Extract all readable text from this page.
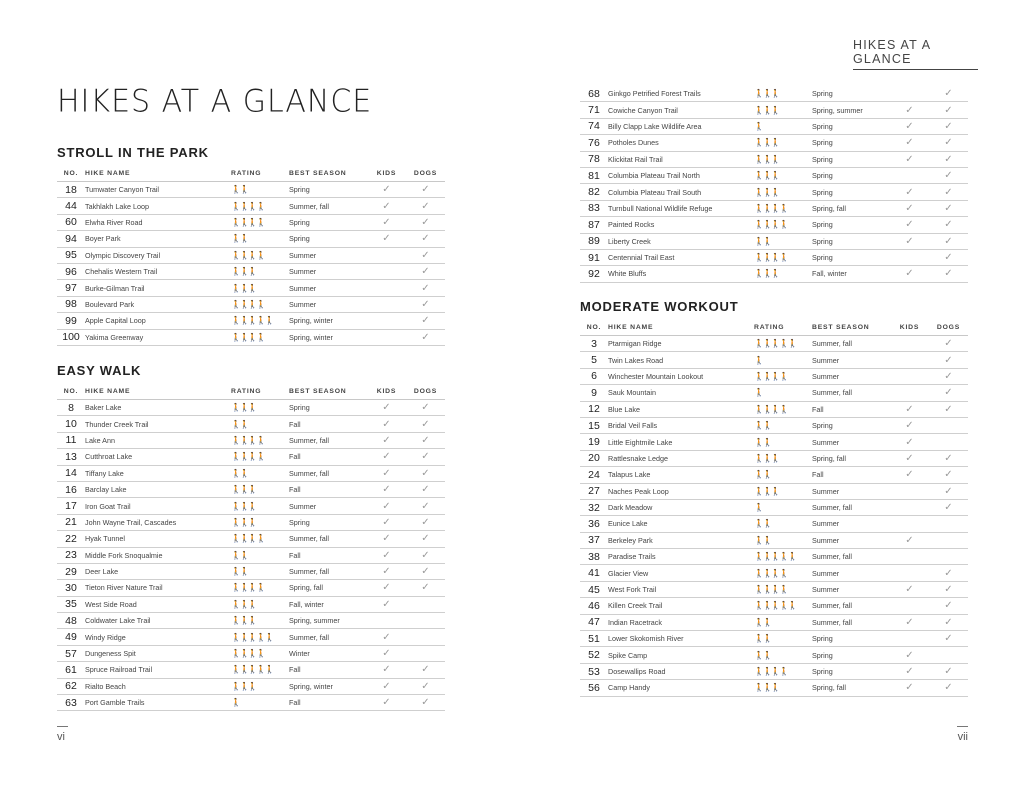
HIKES AT A GLANCE
STROLL IN THE PARK
NO.	HIKE NAME	RATING	BEST SEASON	KIDS	DOGS
18	Tumwater Canyon Trail	🚶🚶	Spring	✓	✓
44	Takhlakh Lake Loop	🚶🚶🚶🚶	Summer, fall	✓	✓
60	Elwha River Road	🚶🚶🚶🚶	Spring	✓	✓
94	Boyer Park	🚶🚶	Spring	✓	✓
95	Olympic Discovery Trail	🚶🚶🚶🚶	Summer		✓
96	Chehalis Western Trail	🚶🚶🚶	Summer		✓
97	Burke-Gilman Trail	🚶🚶🚶	Summer		✓
98	Boulevard Park	🚶🚶🚶🚶	Summer		✓
99	Apple Capital Loop	🚶🚶🚶🚶🚶	Spring, winter		✓
100	Yakima Greenway	🚶🚶🚶🚶	Spring, winter		✓
EASY WALK
NO.	HIKE NAME	RATING	BEST SEASON	KIDS	DOGS
8	Baker Lake	🚶🚶🚶	Spring	✓	✓
10	Thunder Creek Trail	🚶🚶	Fall	✓	✓
11	Lake Ann	🚶🚶🚶🚶	Summer, fall	✓	✓
13	Cutthroat Lake	🚶🚶🚶🚶	Fall	✓	✓
14	Tiffany Lake	🚶🚶	Summer, fall	✓	✓
16	Barclay Lake	🚶🚶🚶	Fall	✓	✓
17	Iron Goat Trail	🚶🚶🚶	Summer	✓	✓
21	John Wayne Trail, Cascades	🚶🚶🚶	Spring	✓	✓
22	Hyak Tunnel	🚶🚶🚶🚶	Summer, fall	✓	✓
23	Middle Fork Snoqualmie	🚶🚶	Fall	✓	✓
29	Deer Lake	🚶🚶	Summer, fall	✓	✓
30	Tieton River Nature Trail	🚶🚶🚶🚶	Spring, fall	✓	✓
35	West Side Road	🚶🚶🚶	Fall, winter	✓	
48	Coldwater Lake Trail	🚶🚶🚶	Spring, summer		
49	Windy Ridge	🚶🚶🚶🚶🚶	Summer, fall	✓	
57	Dungeness Spit	🚶🚶🚶🚶	Winter	✓	
61	Spruce Railroad Trail	🚶🚶🚶🚶🚶	Fall	✓	✓
62	Rialto Beach	🚶🚶🚶	Spring, winter	✓	✓
63	Port Gamble Trails	🚶	Fall	✓	✓
vi
HIKES AT A GLANCE
68	Ginkgo Petrified Forest Trails	🚶🚶🚶	Spring		✓
71	Cowiche Canyon Trail	🚶🚶🚶	Spring, summer	✓	✓
74	Billy Clapp Lake Wildlife Area	🚶	Spring	✓	✓
76	Potholes Dunes	🚶🚶🚶	Spring	✓	✓
78	Klickitat Rail Trail	🚶🚶🚶	Spring	✓	✓
81	Columbia Plateau Trail North	🚶🚶🚶	Spring		✓
82	Columbia Plateau Trail South	🚶🚶🚶	Spring	✓	✓
83	Turnbull National Wildlife Refuge	🚶🚶🚶🚶	Spring, fall	✓	✓
87	Painted Rocks	🚶🚶🚶🚶	Spring	✓	✓
89	Liberty Creek	🚶🚶	Spring	✓	✓
91	Centennial Trail East	🚶🚶🚶🚶	Spring		✓
92	White Bluffs	🚶🚶🚶	Fall, winter	✓	✓
MODERATE WORKOUT
NO.	HIKE NAME	RATING	BEST SEASON	KIDS	DOGS
3	Ptarmigan Ridge	🚶🚶🚶🚶🚶	Summer, fall		✓
5	Twin Lakes Road	🚶	Summer		✓
6	Winchester Mountain Lookout	🚶🚶🚶🚶	Summer		✓
9	Sauk Mountain	🚶	Summer, fall		✓
12	Blue Lake	🚶🚶🚶🚶	Fall	✓	✓
15	Bridal Veil Falls	🚶🚶	Spring	✓	
19	Little Eightmile Lake	🚶🚶	Summer	✓	
20	Rattlesnake Ledge	🚶🚶🚶	Spring, fall	✓	✓
24	Talapus Lake	🚶🚶	Fall	✓	✓
27	Naches Peak Loop	🚶🚶🚶	Summer		✓
32	Dark Meadow	🚶	Summer, fall		✓
36	Eunice Lake	🚶🚶	Summer		
37	Berkeley Park	🚶🚶	Summer	✓	
38	Paradise Trails	🚶🚶🚶🚶🚶	Summer, fall		
41	Glacier View	🚶🚶🚶🚶	Summer		✓
45	West Fork Trail	🚶🚶🚶🚶	Summer	✓	✓
46	Killen Creek Trail	🚶🚶🚶🚶🚶	Summer, fall		✓
47	Indian Racetrack	🚶🚶	Summer, fall	✓	✓
51	Lower Skokomish River	🚶🚶	Spring		✓
52	Spike Camp	🚶🚶	Spring	✓	
53	Dosewallips Road	🚶🚶🚶🚶	Spring	✓	✓
56	Camp Handy	🚶🚶🚶	Spring, fall	✓	✓
vii
